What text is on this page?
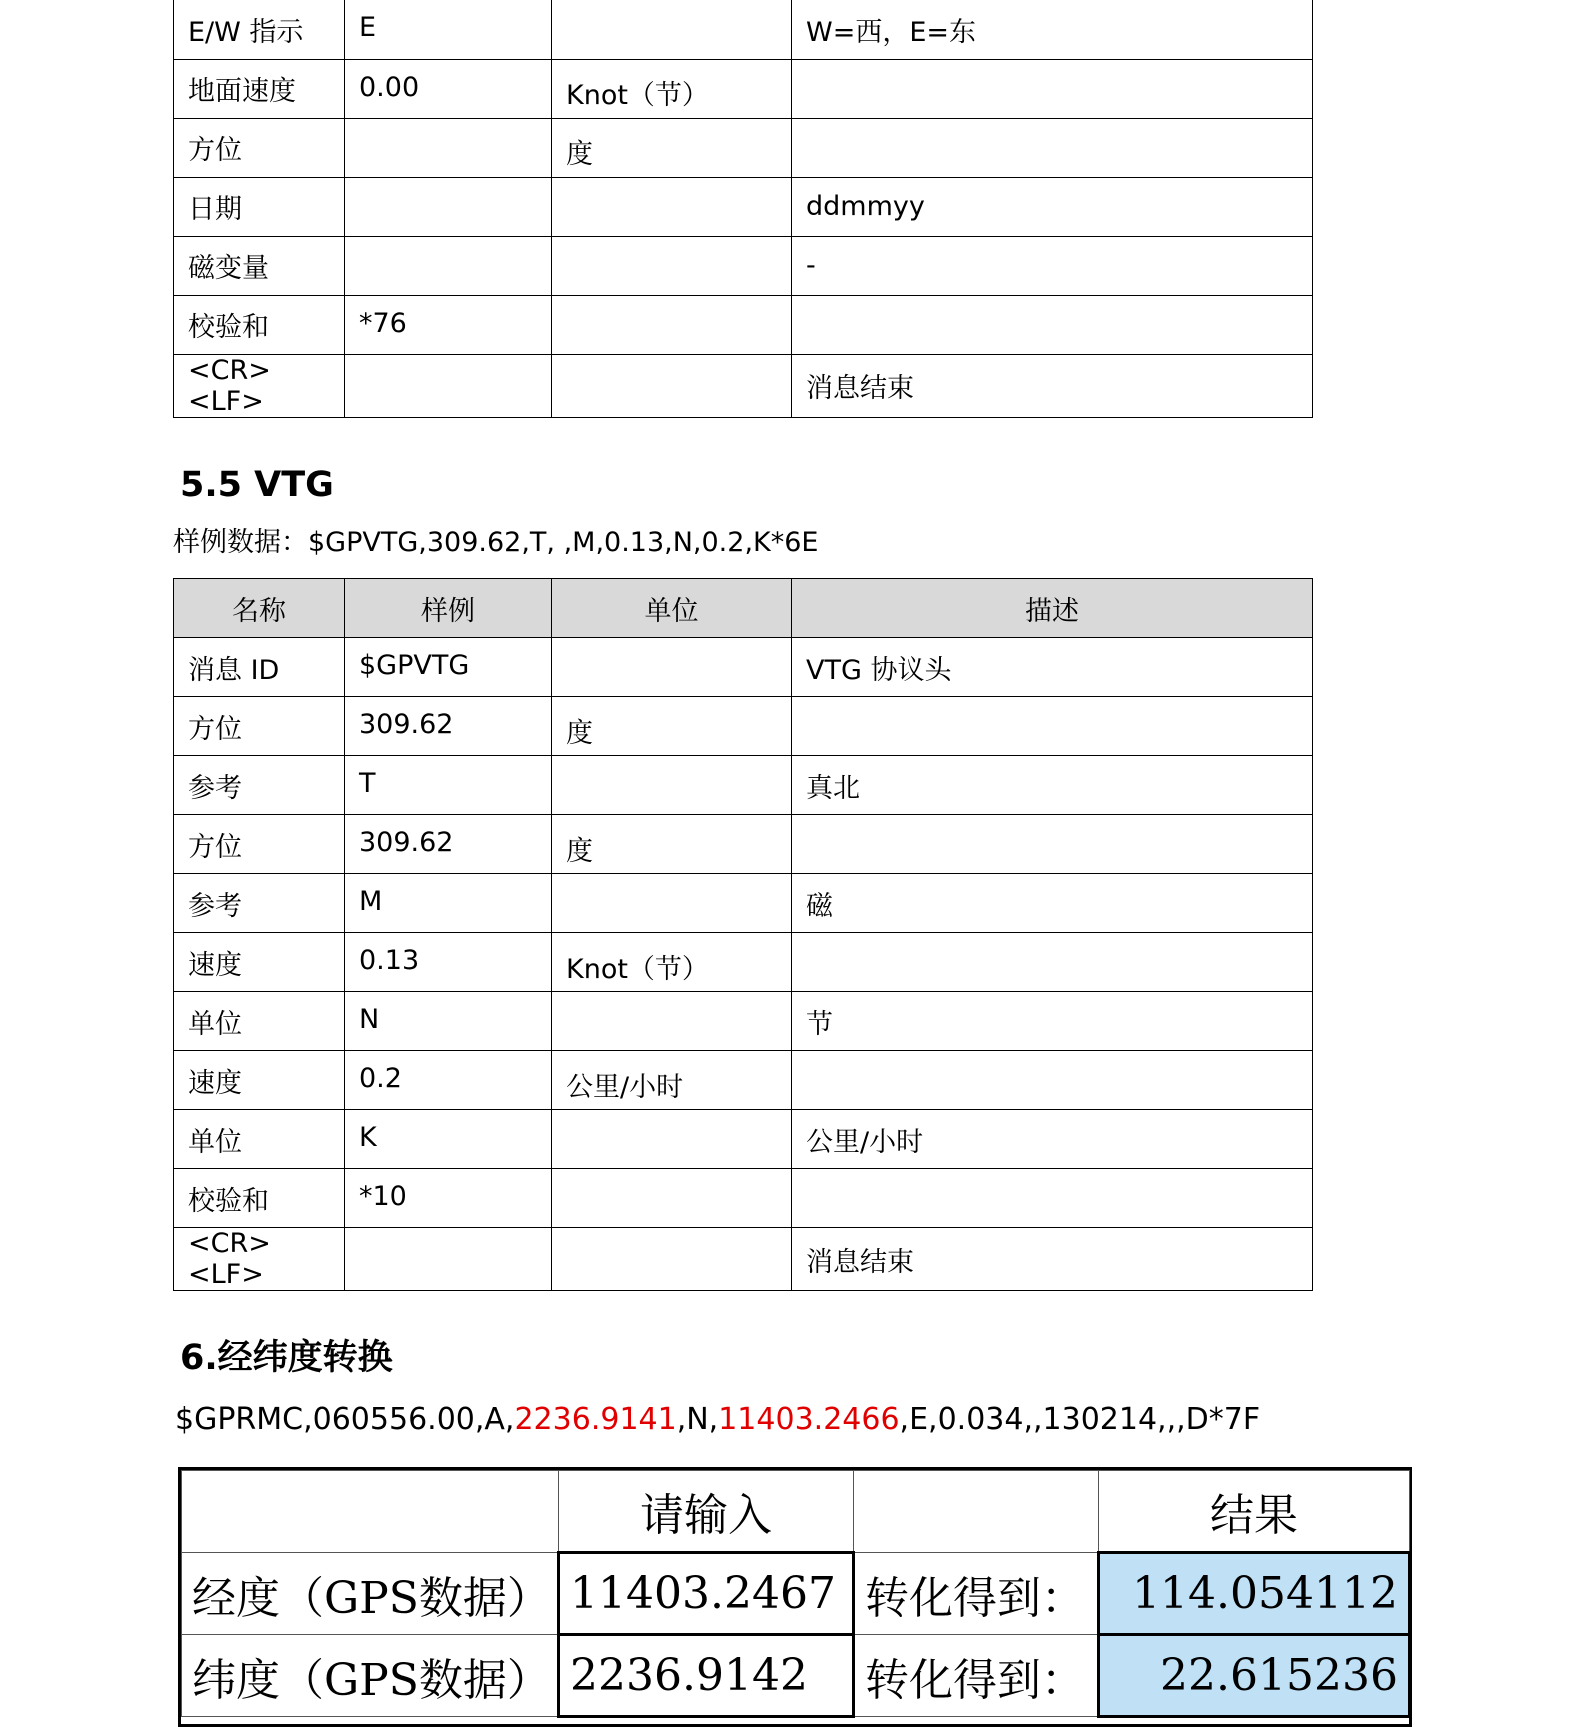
E/W 指示	E		W=西，E=东
地面速度	0.00	Knot（节）	
方位		度	
日期			ddmmyy
磁变量			-
校验和	*76		
<CR><LF>			消息结束
5.5 VTG
样例数据：$GPVTG,309.62,T, ,M,0.13,N,0.2,K*6E
名称	样例	单位	描述
消息 ID	$GPVTG		VTG 协议头
方位	309.62	度	
参考	T		真北
方位	309.62	度	
参考	M		磁
速度	0.13	Knot（节）	
单位	N		节
速度	0.2	公里/小时	
单位	K		公里/小时
校验和	*10		
<CR><LF>			消息结束
6.经纬度转换
$GPRMC,060556.00,A,2236.9141,N,11403.2466,E,0.034,,130214,,,D*7F
	请输入		结果
经度（GPS数据）	11403.2467	转化得到：	114.054112
纬度（GPS数据）	2236.9142	转化得到：	22.615236
